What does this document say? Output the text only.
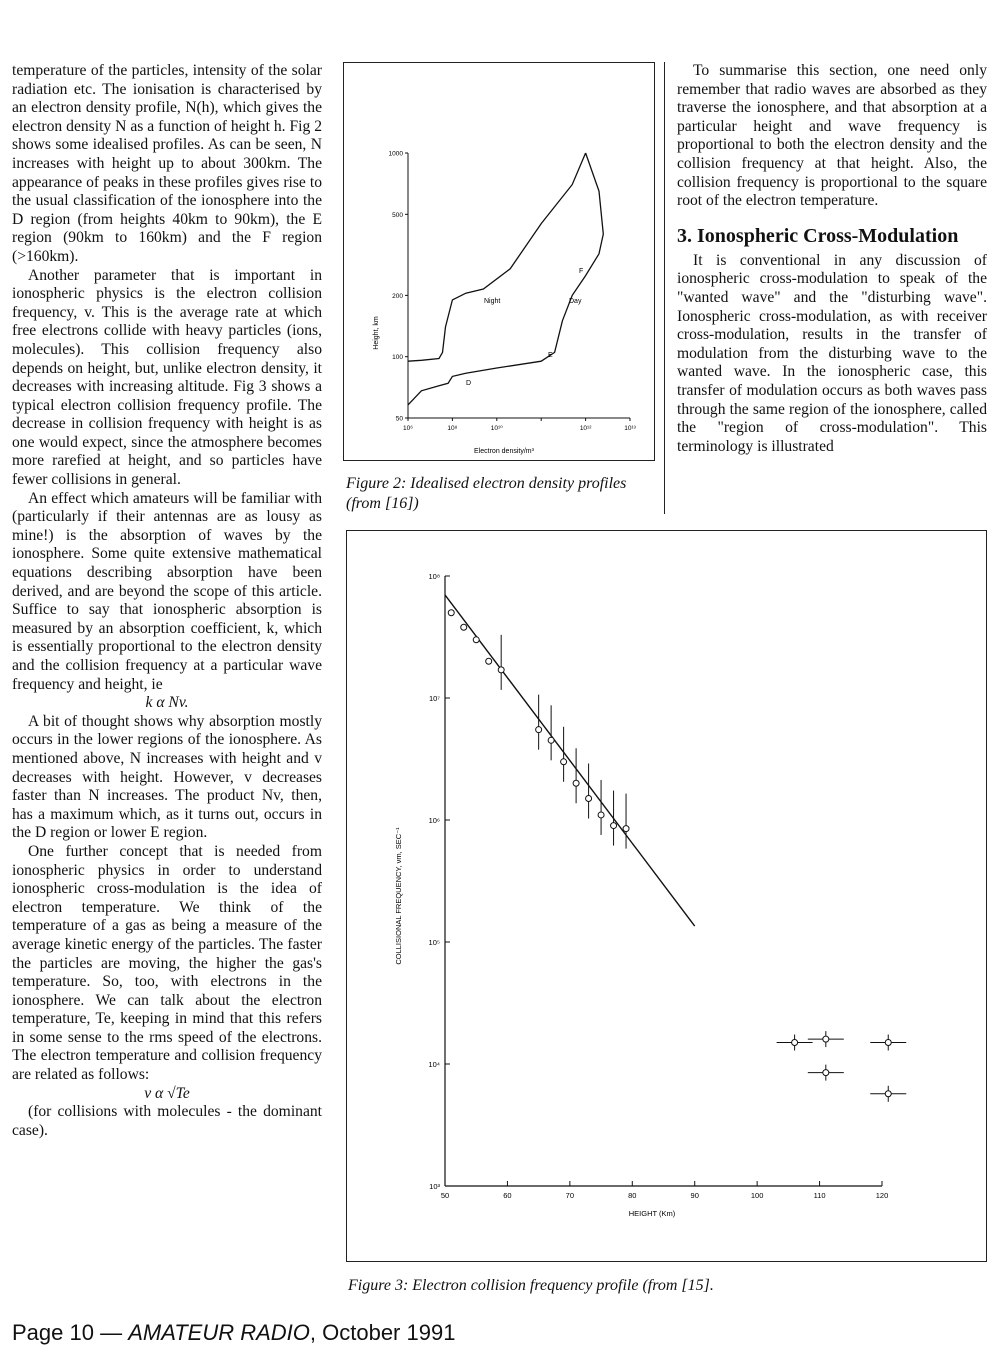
temperature of the particles, intensity of the solar radiation etc. The ionisation is characterised by an electron density profile, N(h), which gives the electron density N as a function of height h. Fig 2 shows some idealised profiles. As can be seen, N increases with height up to about 300km. The appearance of peaks in these profiles gives rise to the usual classification of the ionosphere into the D region (from heights 40km to 90km), the E region (90km to 160km) and the F region (>160km).

Another parameter that is important in ionospheric physics is the electron collision frequency, v. This is the average rate at which free electrons collide with heavy particles (ions, molecules). This collision frequency also depends on height, but, unlike electron density, it decreases with increasing altitude. Fig 3 shows a typical electron collision frequency profile. The decrease in collision frequency with height is as one would expect, since the atmosphere becomes more rarefied at height, and so particles have fewer collisions in general.

An effect which amateurs will be familiar with (particularly if their antennas are as lousy as mine!) is the absorption of waves by the ionosphere. Some quite extensive mathematical equations describing absorption have been derived, and are beyond the scope of this article. Suffice to say that ionospheric absorption is measured by an absorption coefficient, k, which is essentially proportional to the electron density and the collision frequency at a particular wave frequency and height, ie

k α Nv.

A bit of thought shows why absorption mostly occurs in the lower regions of the ionosphere. As mentioned above, N increases with height and v decreases with height. However, v decreases faster than N increases. The product Nv, then, has a maximum which, as it turns out, occurs in the D region or lower E region.

One further concept that is needed from ionospheric physics in order to understand ionospheric cross-modulation is the idea of electron temperature. We think of the temperature of a gas as being a measure of the average kinetic energy of the particles. The faster the particles are moving, the higher the gas's temperature. So, too, with electrons in the ionosphere. We can talk about the electron temperature, Te, keeping in mind that this refers in some sense to the rms speed of the electrons. The electron temperature and collision frequency are related as follows:

v α √Te

(for collisions with molecules - the dominant case).

To summarise this section, one need only remember that radio waves are absorbed as they traverse the ionosphere, and that absorption at a particular height and wave frequency is proportional to both the electron density and the collision frequency at that height. Also, the collision frequency is proportional to the square root of the electron temperature.

3. Ionospheric Cross-Modulation

It is conventional in any discussion of ionospheric cross-modulation to speak of the "wanted wave" and the "disturbing wave". Ionospheric cross-modulation, as with receiver cross-modulation, results in the transfer of modulation from the disturbing wave to the wanted wave. In the ionospheric case, this transfer of modulation occurs as both waves pass through the same region of the ionosphere, called the "region of cross-modulation". This terminology is illustrated

1000
500
200
100
50
10⁶	10⁸	10¹⁰	10¹²	10¹³
Height, km
Electron density/m³
Night	Day
D
E
F
Figure 2: Idealised electron density profiles (from [16])
10⁸
10⁷
10⁶
10⁵
10⁴
10³
50	60	70	80	90	100	110	120
COLLISIONAL FREQUENCY, νm, SEC⁻¹
HEIGHT (Km)
Figure 3: Electron collision frequency profile (from [15].
Page 10 — AMATEUR RADIO, October 1991
